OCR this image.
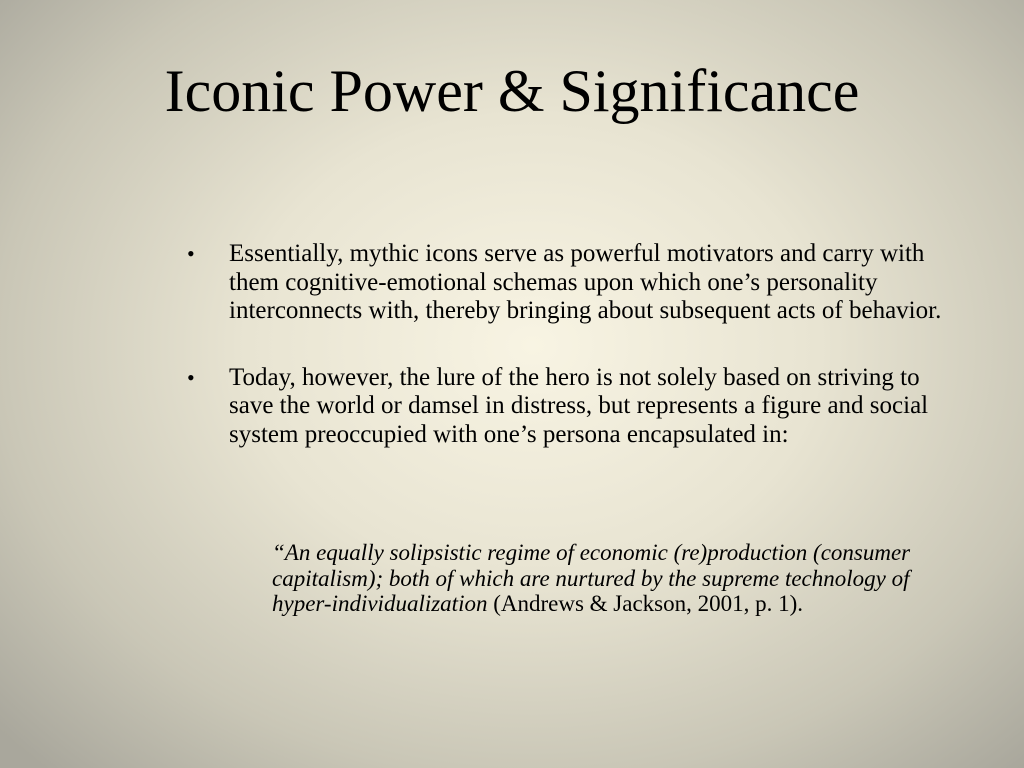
Iconic Power & Significance
• Essentially, mythic icons serve as powerful motivators and carry with them cognitive-emotional schemas upon which one’s personality interconnects with, thereby bringing about subsequent acts of behavior.
• Today, however, the lure of the hero is not solely based on striving to save the world or damsel in distress, but represents a figure and social system preoccupied with one’s persona encapsulated in:
“An equally solipsistic regime of economic (re)production (consumer capitalism); both of which are nurtured by the supreme technology of hyper-individualization (Andrews & Jackson, 2001, p. 1).
